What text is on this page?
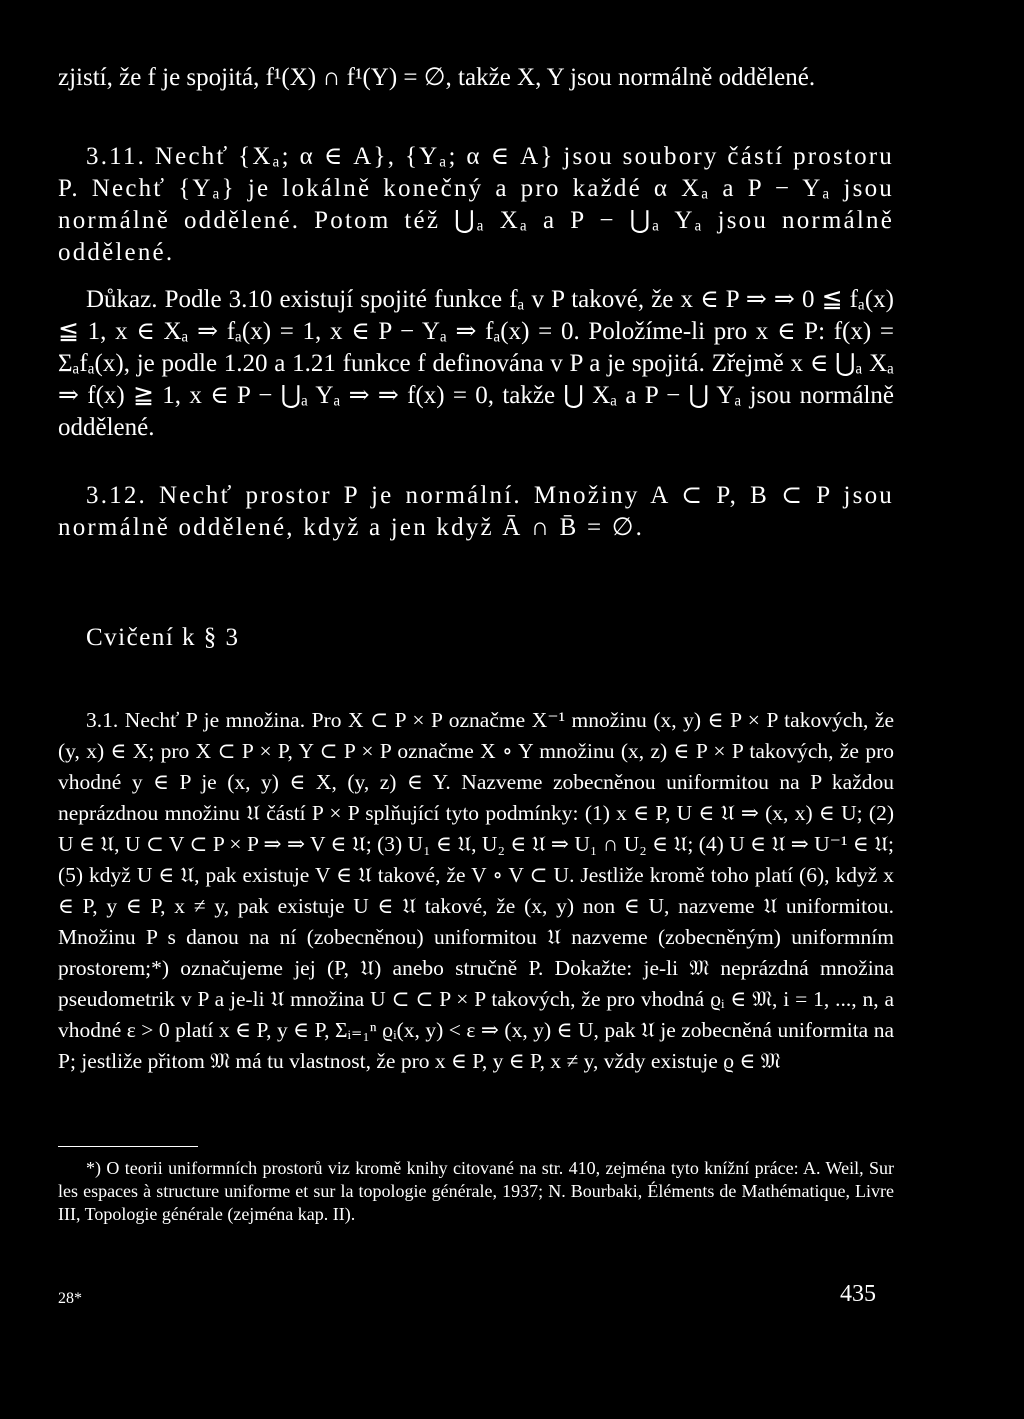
zjistí, že f je spojitá, f¹(X) ∩ f¹(Y) = ∅, takže X, Y jsou normálně oddělené.

3.11. Nechť {Xₐ; α ∈ A}, {Yₐ; α ∈ A} jsou soubory částí prostoru P. Nechť {Yₐ} je lokálně konečný a pro každé α Xₐ a P − Yₐ jsou normálně oddělené. Potom též ⋃ₐ Xₐ a P − ⋃ₐ Yₐ jsou normálně oddělené.

Důkaz. Podle 3.10 existují spojité funkce fₐ v P takové, že x ∈ P ⇒ ⇒ 0 ≦ fₐ(x) ≦ 1, x ∈ Xₐ ⇒ fₐ(x) = 1, x ∈ P − Yₐ ⇒ fₐ(x) = 0. Položíme-li pro x ∈ P: f(x) = Σₐfₐ(x), je podle 1.20 a 1.21 funkce f definována v P a je spojitá. Zřejmě x ∈ ⋃ₐ Xₐ ⇒ f(x) ≧ 1, x ∈ P − ⋃ₐ Yₐ ⇒ ⇒ f(x) = 0, takže ⋃ Xₐ a P − ⋃ Yₐ jsou normálně oddělené.

3.12. Nechť prostor P je normální. Množiny A ⊂ P, B ⊂ P jsou normálně oddělené, když a jen když Ā ∩ B̄ = ∅.

Cvičení k § 3

3.1. Nechť P je množina. Pro X ⊂ P × P označme X⁻¹ množinu (x, y) ∈ P × P takových, že (y, x) ∈ X; pro X ⊂ P × P, Y ⊂ P × P označme X ∘ Y množinu (x, z) ∈ P × P takových, že pro vhodné y ∈ P je (x, y) ∈ X, (y, z) ∈ Y. Nazveme zobecněnou uniformitou na P každou neprázdnou množinu 𝔘 částí P × P splňující tyto podmínky: (1) x ∈ P, U ∈ 𝔘 ⇒ (x, x) ∈ U; (2) U ∈ 𝔘, U ⊂ V ⊂ P × P ⇒ ⇒ V ∈ 𝔘; (3) U₁ ∈ 𝔘, U₂ ∈ 𝔘 ⇒ U₁ ∩ U₂ ∈ 𝔘; (4) U ∈ 𝔘 ⇒ U⁻¹ ∈ 𝔘; (5) když U ∈ 𝔘, pak existuje V ∈ 𝔘 takové, že V ∘ V ⊂ U. Jestliže kromě toho platí (6), když x ∈ P, y ∈ P, x ≠ y, pak existuje U ∈ 𝔘 takové, že (x, y) non ∈ U, nazveme 𝔘 uniformitou. Množinu P s danou na ní (zobecněnou) uniformitou 𝔘 nazveme (zobecněným) uniformním prostorem;*) označujeme jej (P, 𝔘) anebo stručně P. Dokažte: je-li 𝔐 neprázdná množina pseudometrik v P a je-li 𝔘 množina U ⊂ ⊂ P × P takových, že pro vhodná ϱᵢ ∈ 𝔐, i = 1, ..., n, a vhodné ε > 0 platí x ∈ P, y ∈ P, Σᵢ₌₁ⁿ ϱᵢ(x, y) < ε ⇒ (x, y) ∈ U, pak 𝔘 je zobecněná uniformita na P; jestliže přitom 𝔐 má tu vlastnost, že pro x ∈ P, y ∈ P, x ≠ y, vždy existuje ϱ ∈ 𝔐

*) O teorii uniformních prostorů viz kromě knihy citované na str. 410, zejména tyto knížní práce: A. Weil, Sur les espaces à structure uniforme et sur la topologie générale, 1937; N. Bourbaki, Éléments de Mathématique, Livre III, Topologie générale (zejména kap. II).

28*	435
